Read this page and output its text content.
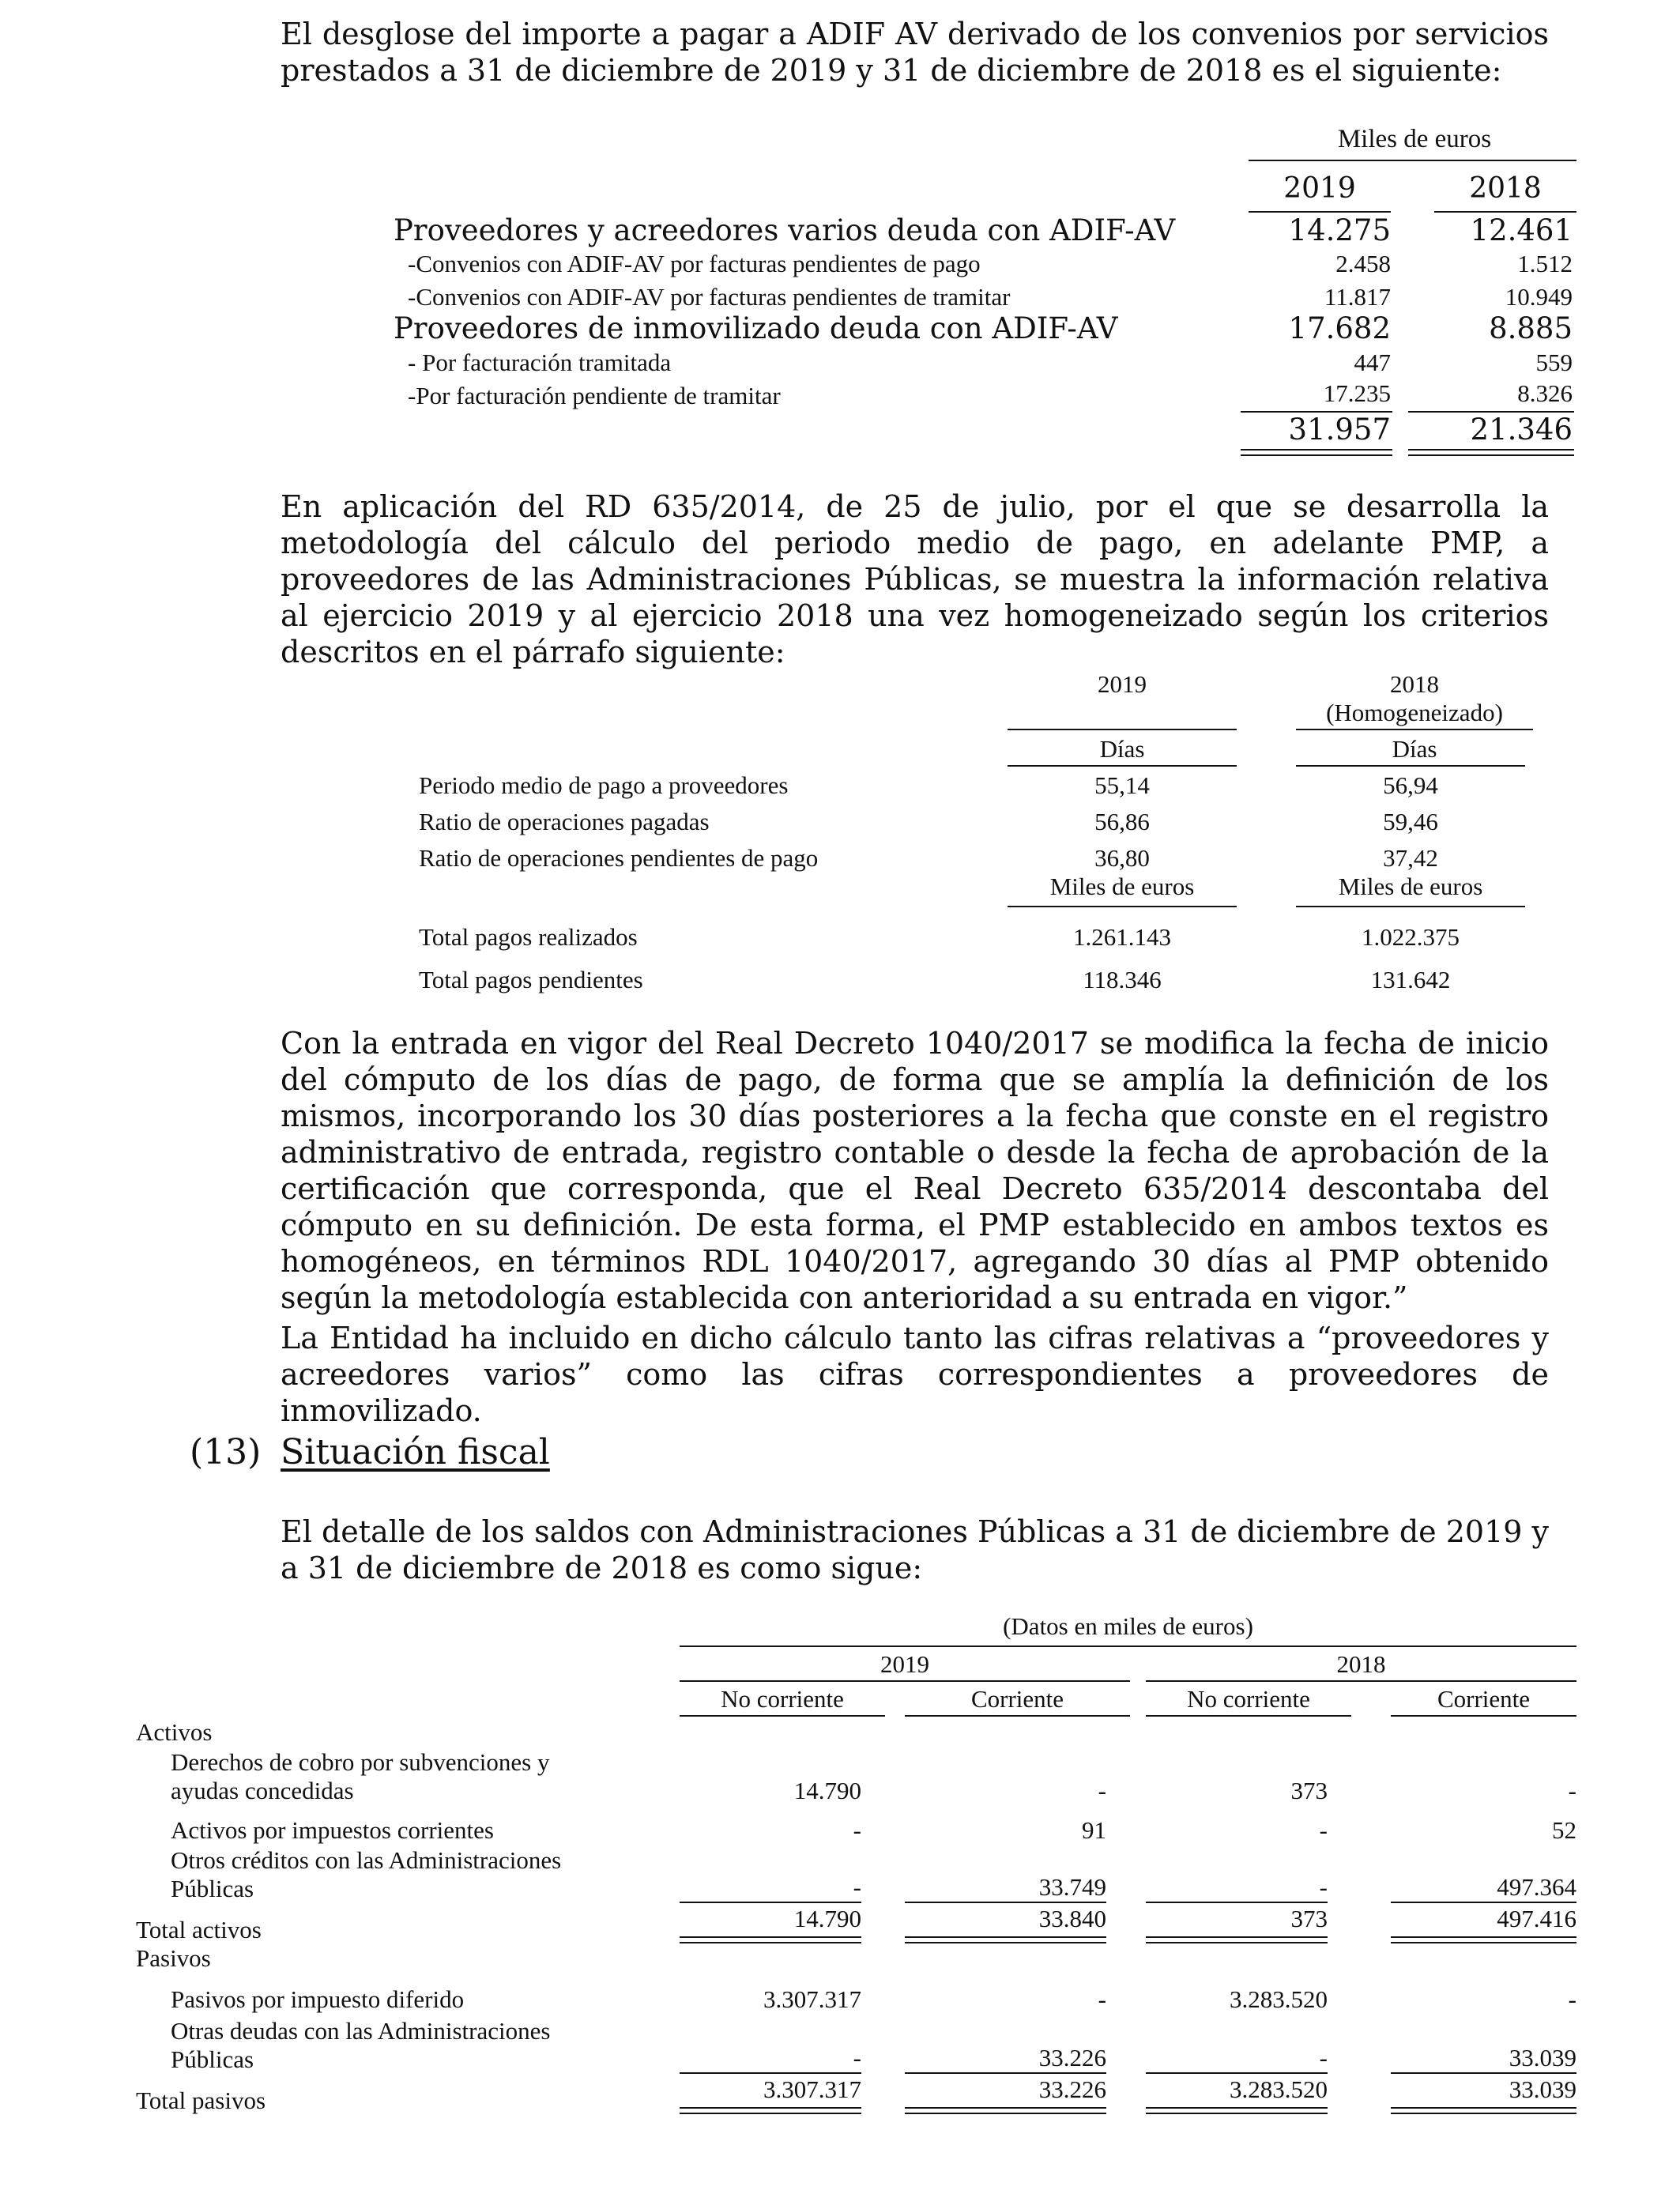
El desglose del importe a pagar a ADIF AV derivado de los convenios por servicios prestados a 31 de diciembre de 2019 y 31 de diciembre de 2018 es el siguiente:

Miles de euros
2019	2018
Proveedores y acreedores varios deuda con ADIF-AV	14.275	12.461
-Convenios con ADIF-AV por facturas pendientes de pago	2.458	1.512
-Convenios con ADIF-AV por facturas pendientes de tramitar	11.817	10.949
Proveedores de inmovilizado deuda con ADIF-AV	17.682	8.885
- Por facturación tramitada	447	559
-Por facturación pendiente de tramitar	17.235	8.326
31.957	21.346

En aplicación del RD 635/2014, de 25 de julio, por el que se desarrolla la metodología del cálculo del periodo medio de pago, en adelante PMP, a proveedores de las Administraciones Públicas, se muestra la información relativa al ejercicio 2019 y al ejercicio 2018 una vez homogeneizado según los criterios descritos en el párrafo siguiente:

2019	2018
(Homogeneizado)
Días	Días
Periodo medio de pago a proveedores	55,14	56,94
Ratio de operaciones pagadas	56,86	59,46
Ratio de operaciones pendientes de pago	36,80	37,42
Miles de euros	Miles de euros
Total pagos realizados	1.261.143	1.022.375
Total pagos pendientes	118.346	131.642

Con la entrada en vigor del Real Decreto 1040/2017 se modifica la fecha de inicio del cómputo de los días de pago, de forma que se amplía la definición de los mismos, incorporando los 30 días posteriores a la fecha que conste en el registro administrativo de entrada, registro contable o desde la fecha de aprobación de la certificación que corresponda, que el Real Decreto 635/2014 descontaba del cómputo en su definición. De esta forma, el PMP establecido en ambos textos es homogéneos, en términos RDL 1040/2017, agregando 30 días al PMP obtenido según la metodología establecida con anterioridad a su entrada en vigor.”

La Entidad ha incluido en dicho cálculo tanto las cifras relativas a “proveedores y acreedores varios” como las cifras correspondientes a proveedores de inmovilizado.

(13) Situación fiscal

El detalle de los saldos con Administraciones Públicas a 31 de diciembre de 2019 y a 31 de diciembre de 2018 es como sigue:

(Datos en miles de euros)
2019	2018
No corriente	Corriente	No corriente	Corriente
Activos
Derechos de cobro por subvenciones y
ayudas concedidas	14.790	-	373	-
Activos por impuestos corrientes	-	91	-	52
Otros créditos con las Administraciones
Públicas	-	33.749	-	497.364
Total activos	14.790	33.840	373	497.416
Pasivos
Pasivos por impuesto diferido	3.307.317	-	3.283.520	-
Otras deudas con las Administraciones
Públicas	-	33.226	-	33.039
Total pasivos	3.307.317	33.226	3.283.520	33.039
